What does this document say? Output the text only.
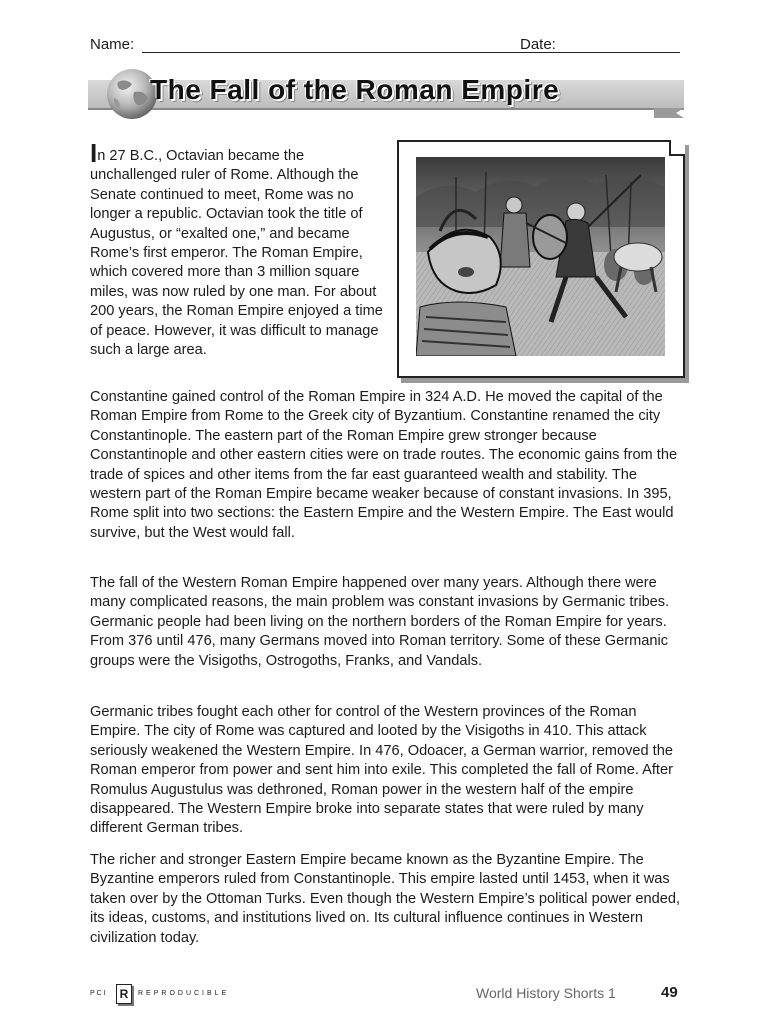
Name:	Date:
The Fall of the Roman Empire

In 27 B.C., Octavian became the unchallenged ruler of Rome. Although the Senate continued to meet, Rome was no longer a republic. Octavian took the title of Augustus, or “exalted one,” and became Rome’s first emperor. The Roman Empire, which covered more than 3 million square miles, was now ruled by one man. For about 200 years, the Roman Empire enjoyed a time of peace. However, it was difficult to manage such a large area.

Constantine gained control of the Roman Empire in 324 A.D. He moved the capital of the Roman Empire from Rome to the Greek city of Byzantium. Constantine renamed the city Constantinople. The eastern part of the Roman Empire grew stronger because Constantinople and other eastern cities were on trade routes. The economic gains from the trade of spices and other items from the far east guaranteed wealth and stability. The western part of the Roman Empire became weaker because of constant invasions. In 395, Rome split into two sections: the Eastern Empire and the Western Empire. The East would survive, but the West would fall.

The fall of the Western Roman Empire happened over many years. Although there were many complicated reasons, the main problem was constant invasions by Germanic tribes. Germanic people had been living on the northern borders of the Roman Empire for years. From 376 until 476, many Germans moved into Roman territory. Some of these Germanic groups were the Visigoths, Ostrogoths, Franks, and Vandals.

Germanic tribes fought each other for control of the Western provinces of the Roman Empire. The city of Rome was captured and looted by the Visigoths in 410. This attack seriously weakened the Western Empire. In 476, Odoacer, a German warrior, removed the Roman emperor from power and sent him into exile. This completed the fall of Rome. After Romulus Augustulus was dethroned, Roman power in the western half of the empire disappeared. The Western Empire broke into separate states that were ruled by many different German tribes.

The richer and stronger Eastern Empire became known as the Byzantine Empire. The Byzantine emperors ruled from Constantinople. This empire lasted until 1453, when it was taken over by the Ottoman Turks. Even though the Western Empire’s political power ended, its ideas, customs, and institutions lived on. Its cultural influence continues in Western civilization today.

PCI R	REPRODUCIBLE	World History Shorts 1	49
